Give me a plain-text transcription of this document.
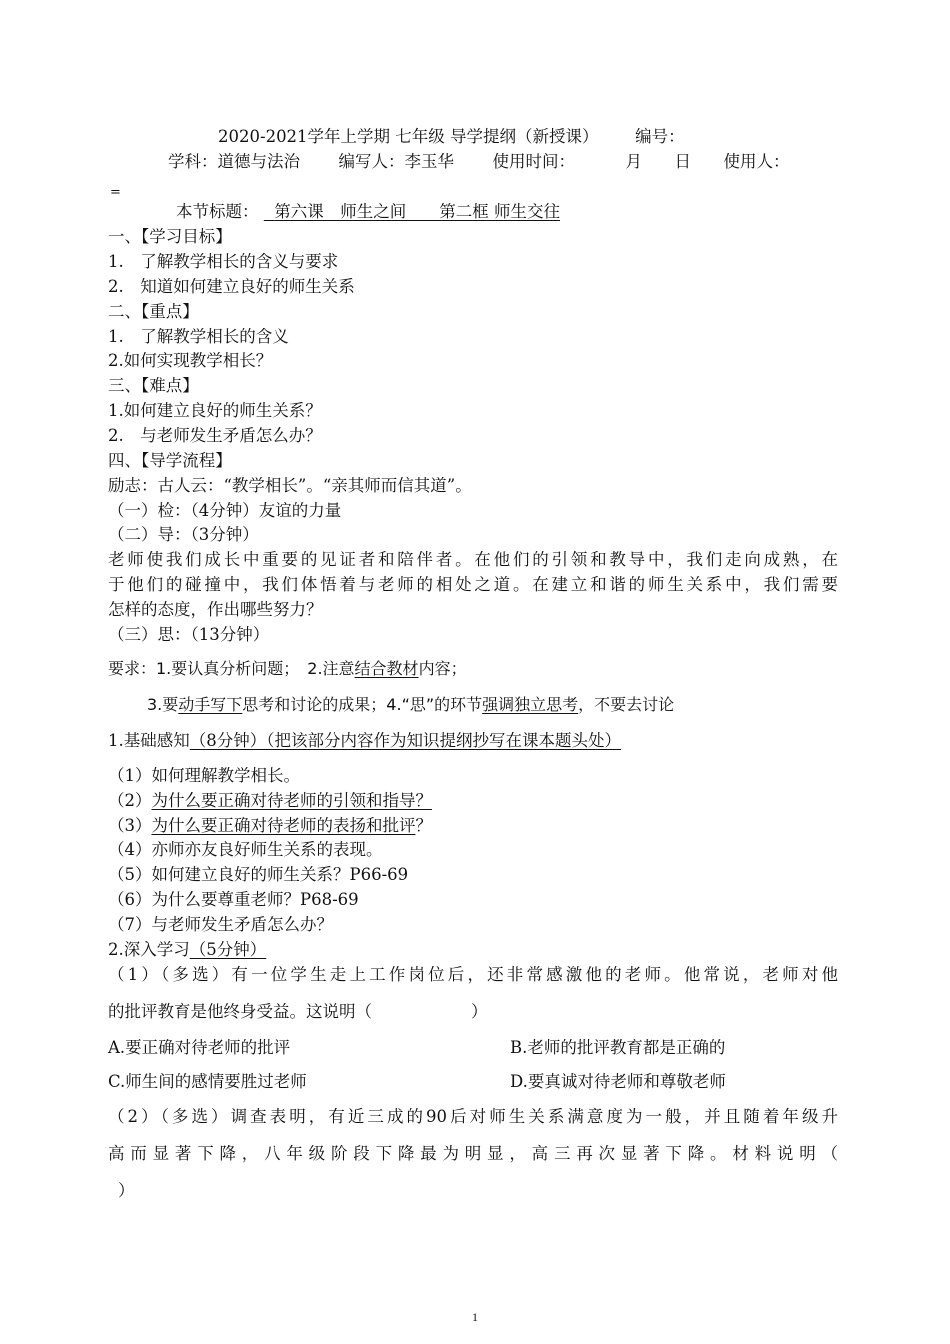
2020-2021学年上学期 七年级 导学提纲（新授课） 编号：
学科：道德与法治 编写人：李玉华 使用时间：	月 日 使用人：
=
本节标题： 第六课　师生之间　　第二框 师生交往
一、【学习目标】
1.　了解教学相长的含义与要求
2.　知道如何建立良好的师生关系
二、【重点】
1.　了解教学相长的含义
2.如何实现教学相长？
三、【难点】
1.如何建立良好的师生关系？
2.　与老师发生矛盾怎么办？
四、【导学流程】
励志：古人云：“教学相长”。“亲其师而信其道”。
（一）检：（4分钟）友谊的力量
（二）导：（3分钟）
老师使我们成长中重要的见证者和陪伴者。在他们的引领和教导中，我们走向成熟，在
于他们的碰撞中，我们体悟着与老师的相处之道。在建立和谐的师生关系中，我们需要
怎样的态度，作出哪些努力？
（三）思：（13分钟）
要求：1.要认真分析问题；　2.注意结合教材内容；
3.要动手写下思考和讨论的成果；4.“思”的环节强调独立思考，不要去讨论
1.基础感知（8分钟）（把该部分内容作为知识提纲抄写在课本题头处）
（1）如何理解教学相长。
（2）为什么要正确对待老师的引领和指导？
（3）为什么要正确对待老师的表扬和批评？
（4）亦师亦友良好师生关系的表现。
（5）如何建立良好的师生关系？P66-69
（6）为什么要尊重老师？P68-69
（7）与老师发生矛盾怎么办？
2.深入学习（5分钟）
（1）（多选）有一位学生走上工作岗位后，还非常感激他的老师。他常说，老师对他
的批评教育是他终身受益。这说明（　　　　　　）
A.要正确对待老师的批评	B.老师的批评教育都是正确的
C.师生间的感情要胜过老师	D.要真诚对待老师和尊敬老师
（2）（多选）调查表明，有近三成的90后对师生关系满意度为一般，并且随着年级升
高而显著下降，八年级阶段下降最为明显，高三再次显著下降。材料说明（
）
1
